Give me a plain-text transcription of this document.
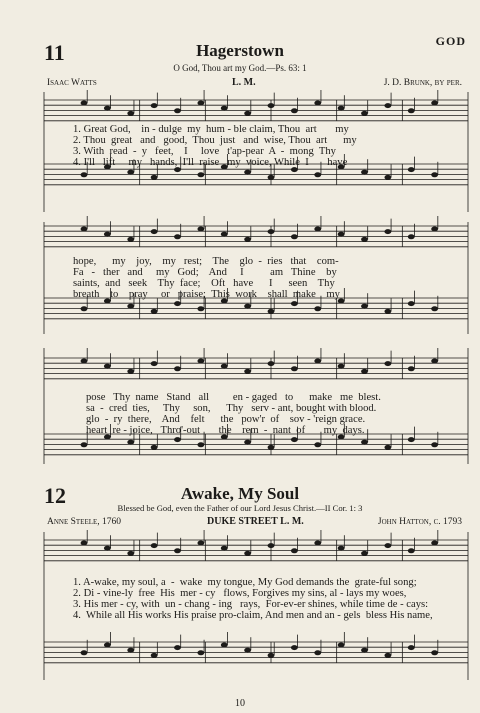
GOD
11	Hagerstown
O God, Thou art my God.—Ps. 63: 1
Isaac Watts	L. M.	J. D. Brunk, by per.
1. Great God,    in - dulge  my  hum - ble claim, Thou  art       my
2. Thou  great   and   good,  Thou  just   and  wise, Thou  art      my
3. With  read  -  y   feet,    I     love   t'ap-pear  A  -  mong  Thy
4. I'll   lift     my   hands,  I'll  raise   my  voice, While  I       have
hope,      my    joy,    my   rest;    The    glo  -  ries   that    com-
Fa   -   ther   and     my   God;    And     I          am   Thine    by
saints,  and   seek    Thy  face;    Oft   have      I      seen    Thy
breath    to    pray     or   praise;  This  work    shall  make    my
pose   Thy  name   Stand   all         en - gaged   to      make   me  blest.
sa  -  cred  ties,     Thy     son,      Thy   serv - ant, bought with blood.
glo  -  ry  there,    And    felt      the   pow'r  of    sov - 'reign grace.
heart  re - joice,   Thro'-out       the    rem  -  nant  of       my  days.
12	Awake, My Soul
Blessed be God, even the Father of our Lord Jesus Christ.—II Cor. 1: 3
Anne Steele, 1760	DUKE STREET L. M.	John Hatton, c. 1793
1. A-wake, my soul, a  -  wake  my tongue, My God demands the  grate-ful song;
2. Di - vine-ly  free  His  mer - cy   flows, Forgives my sins, al - lays my woes,
3. His mer - cy, with  un - chang - ing   rays,  For-ev-er shines, while time de - cays:
4.  While all His works His praise pro-claim, And men and an - gels  bless His name,
10
